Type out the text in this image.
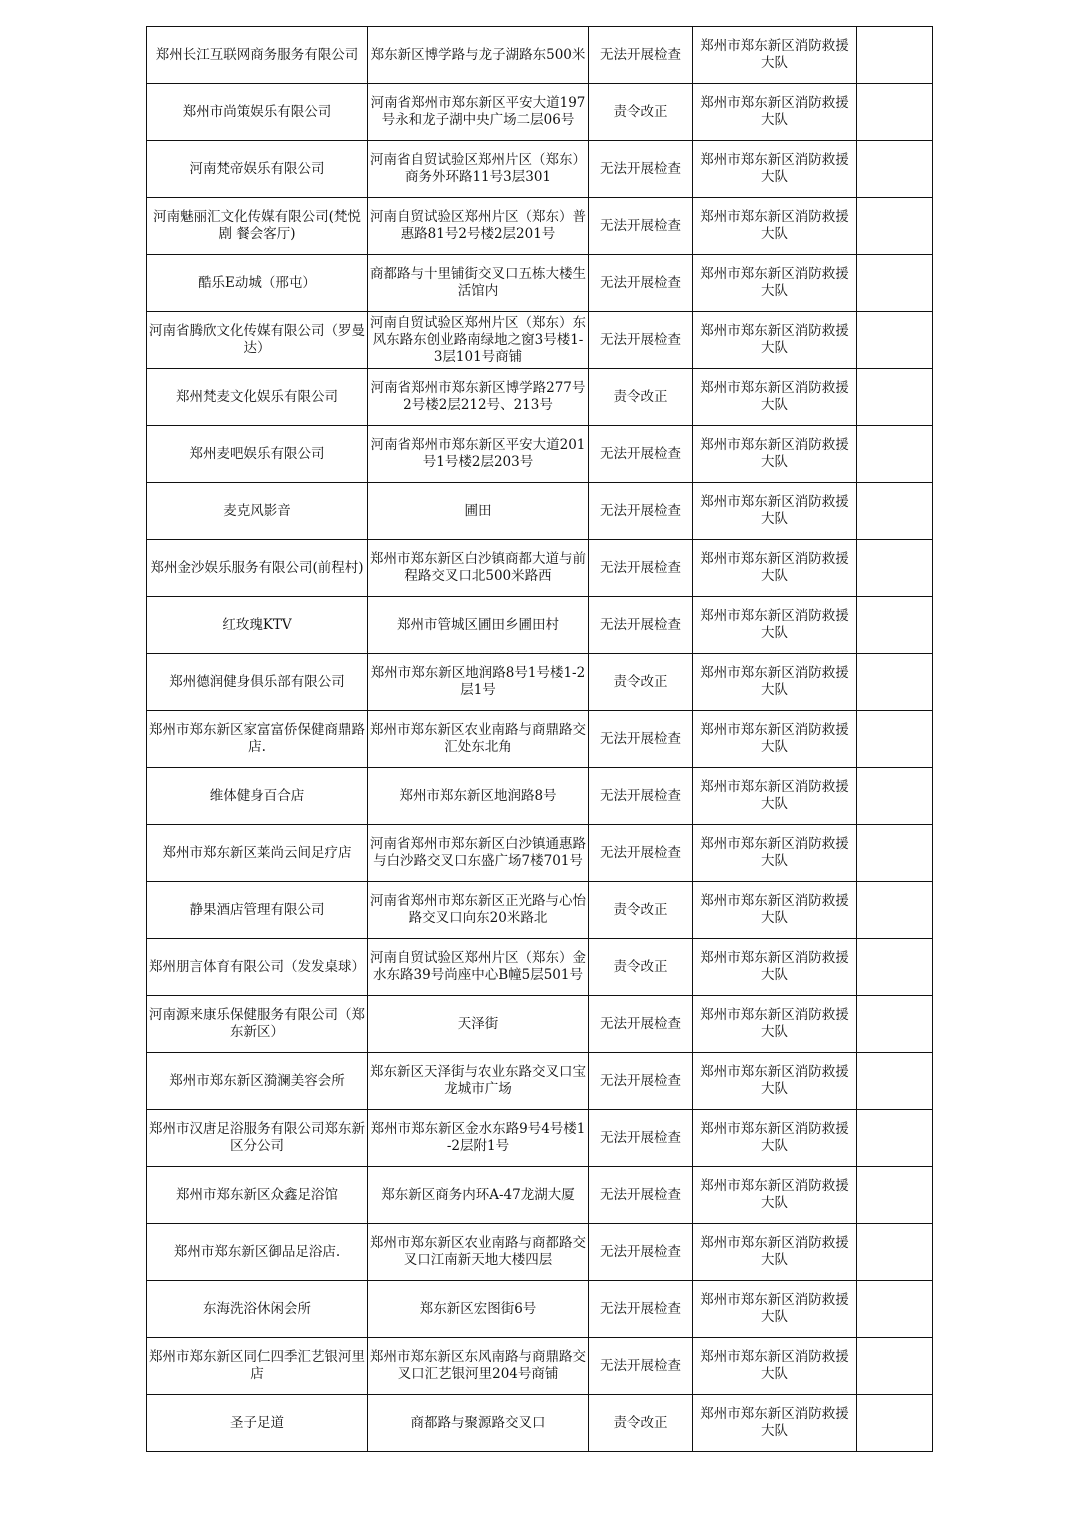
郑州长江互联网商务服务有限公司	郑东新区博学路与龙子湖路东500米	无法开展检查	郑州市郑东新区消防救援大队	
郑州市尚策娱乐有限公司	河南省郑州市郑东新区平安大道197号永和龙子湖中央广场二层06号	责令改正	郑州市郑东新区消防救援大队	
河南梵帝娱乐有限公司	河南省自贸试验区郑州片区（郑东）商务外环路11号3层301	无法开展检查	郑州市郑东新区消防救援大队	
河南魅丽汇文化传媒有限公司(梵悦剧 餐会客厅)	河南自贸试验区郑州片区（郑东）普惠路81号2号楼2层201号	无法开展检查	郑州市郑东新区消防救援大队	
酷乐E动城（邢屯）	商都路与十里铺街交叉口五栋大楼生活馆内	无法开展检查	郑州市郑东新区消防救援大队	
河南省腾欣文化传媒有限公司（罗曼达）	河南自贸试验区郑州片区（郑东）东风东路东创业路南绿地之窗3号楼1-3层101号商铺	无法开展检查	郑州市郑东新区消防救援大队	
郑州梵麦文化娱乐有限公司	河南省郑州市郑东新区博学路277号2号楼2层212号、213号	责令改正	郑州市郑东新区消防救援大队	
郑州麦吧娱乐有限公司	河南省郑州市郑东新区平安大道201号1号楼2层203号	无法开展检查	郑州市郑东新区消防救援大队	
麦克风影音	圃田	无法开展检查	郑州市郑东新区消防救援大队	
郑州金沙娱乐服务有限公司(前程村)	郑州市郑东新区白沙镇商都大道与前程路交叉口北500米路西	无法开展检查	郑州市郑东新区消防救援大队	
红玫瑰KTV	郑州市管城区圃田乡圃田村	无法开展检查	郑州市郑东新区消防救援大队	
郑州德润健身俱乐部有限公司	郑州市郑东新区地润路8号1号楼1-2层1号	责令改正	郑州市郑东新区消防救援大队	
郑州市郑东新区家富富侨保健商鼎路店.	郑州市郑东新区农业南路与商鼎路交汇处东北角	无法开展检查	郑州市郑东新区消防救援大队	
维体健身百合店	郑州市郑东新区地润路8号	无法开展检查	郑州市郑东新区消防救援大队	
郑州市郑东新区莱尚云间足疗店	河南省郑州市郑东新区白沙镇通惠路与白沙路交叉口东盛广场7楼701号	无法开展检查	郑州市郑东新区消防救援大队	
静果酒店管理有限公司	河南省郑州市郑东新区正光路与心怡路交叉口向东20米路北	责令改正	郑州市郑东新区消防救援大队	
郑州朋言体育有限公司（发发桌球）	河南自贸试验区郑州片区（郑东）金水东路39号尚座中心B幢5层501号	责令改正	郑州市郑东新区消防救援大队	
河南源来康乐保健服务有限公司（郑东新区）	天泽街	无法开展检查	郑州市郑东新区消防救援大队	
郑州市郑东新区漪澜美容会所	郑东新区天泽街与农业东路交叉口宝龙城市广场	无法开展检查	郑州市郑东新区消防救援大队	
郑州市汉唐足浴服务有限公司郑东新区分公司	郑州市郑东新区金水东路9号4号楼1-2层附1号	无法开展检查	郑州市郑东新区消防救援大队	
郑州市郑东新区众鑫足浴馆	郑东新区商务内环A-47龙湖大厦	无法开展检查	郑州市郑东新区消防救援大队	
郑州市郑东新区御品足浴店.	郑州市郑东新区农业南路与商都路交叉口江南新天地大楼四层	无法开展检查	郑州市郑东新区消防救援大队	
东海洗浴休闲会所	郑东新区宏图街6号	无法开展检查	郑州市郑东新区消防救援大队	
郑州市郑东新区同仁四季汇艺银河里店	郑州市郑东新区东风南路与商鼎路交叉口汇艺银河里204号商铺	无法开展检查	郑州市郑东新区消防救援大队	
圣子足道	商都路与聚源路交叉口	责令改正	郑州市郑东新区消防救援大队	
